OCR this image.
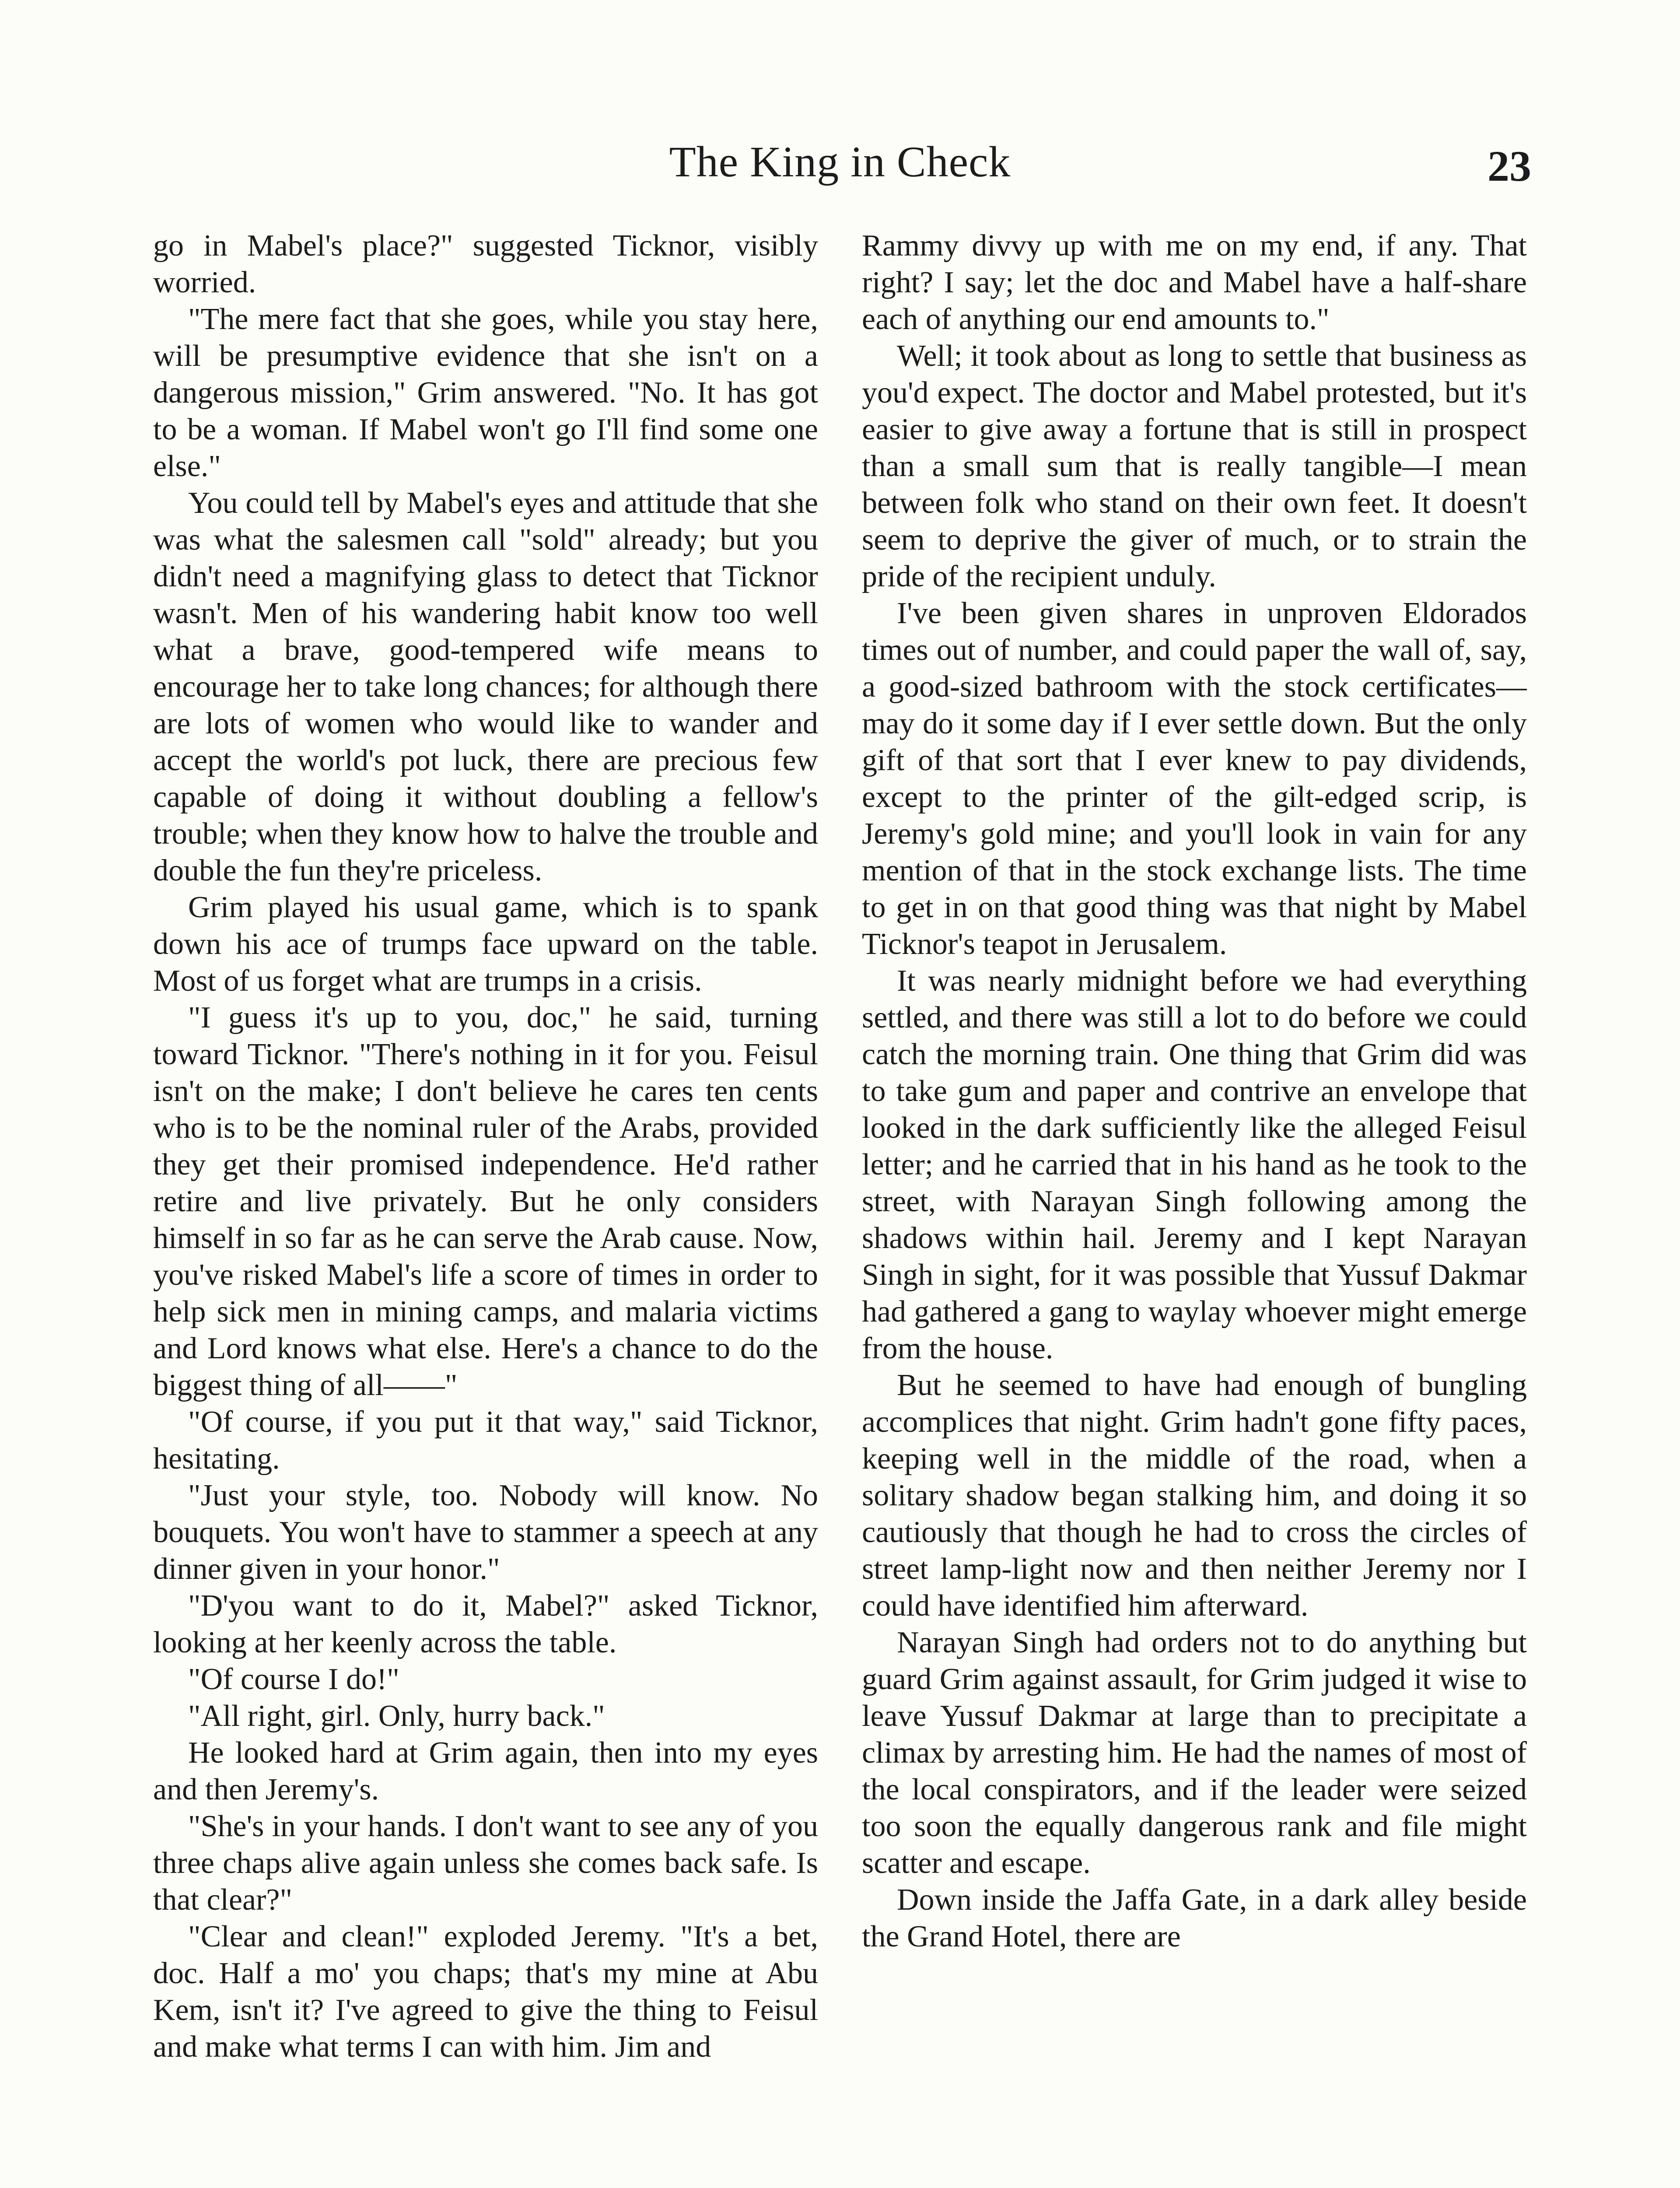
The King in Check	23

go in Mabel's place?" suggested Ticknor, visibly worried.

"The mere fact that she goes, while you stay here, will be presumptive evidence that she isn't on a dangerous mission," Grim answered. "No. It has got to be a woman. If Mabel won't go I'll find some one else."

You could tell by Mabel's eyes and attitude that she was what the salesmen call "sold" already; but you didn't need a magnifying glass to detect that Ticknor wasn't. Men of his wandering habit know too well what a brave, good-tempered wife means to encourage her to take long chances; for although there are lots of women who would like to wander and accept the world's pot luck, there are precious few capable of doing it without doubling a fellow's trouble; when they know how to halve the trouble and double the fun they're priceless.

Grim played his usual game, which is to spank down his ace of trumps face upward on the table. Most of us forget what are trumps in a crisis.

"I guess it's up to you, doc," he said, turning toward Ticknor. "There's nothing in it for you. Feisul isn't on the make; I don't believe he cares ten cents who is to be the nominal ruler of the Arabs, provided they get their promised independence. He'd rather retire and live privately. But he only considers himself in so far as he can serve the Arab cause. Now, you've risked Mabel's life a score of times in order to help sick men in mining camps, and malaria victims and Lord knows what else. Here's a chance to do the biggest thing of all——"

"Of course, if you put it that way," said Ticknor, hesitating.

"Just your style, too. Nobody will know. No bouquets. You won't have to stammer a speech at any dinner given in your honor."

"D'you want to do it, Mabel?" asked Ticknor, looking at her keenly across the table.

"Of course I do!"

"All right, girl. Only, hurry back."

He looked hard at Grim again, then into my eyes and then Jeremy's.

"She's in your hands. I don't want to see any of you three chaps alive again unless she comes back safe. Is that clear?"

"Clear and clean!" exploded Jeremy. "It's a bet, doc. Half a mo' you chaps; that's my mine at Abu Kem, isn't it? I've agreed to give the thing to Feisul and make what terms I can with him. Jim and

Rammy divvy up with me on my end, if any. That right? I say; let the doc and Mabel have a half-share each of anything our end amounts to."

Well; it took about as long to settle that business as you'd expect. The doctor and Mabel protested, but it's easier to give away a fortune that is still in prospect than a small sum that is really tangible—I mean between folk who stand on their own feet. It doesn't seem to deprive the giver of much, or to strain the pride of the recipient unduly.

I've been given shares in unproven Eldorados times out of number, and could paper the wall of, say, a good-sized bathroom with the stock certificates—may do it some day if I ever settle down. But the only gift of that sort that I ever knew to pay dividends, except to the printer of the gilt-edged scrip, is Jeremy's gold mine; and you'll look in vain for any mention of that in the stock exchange lists. The time to get in on that good thing was that night by Mabel Ticknor's teapot in Jerusalem.

It was nearly midnight before we had everything settled, and there was still a lot to do before we could catch the morning train. One thing that Grim did was to take gum and paper and contrive an envelope that looked in the dark sufficiently like the alleged Feisul letter; and he carried that in his hand as he took to the street, with Narayan Singh following among the shadows within hail. Jeremy and I kept Narayan Singh in sight, for it was possible that Yussuf Dakmar had gathered a gang to waylay whoever might emerge from the house.

But he seemed to have had enough of bungling accomplices that night. Grim hadn't gone fifty paces, keeping well in the middle of the road, when a solitary shadow began stalking him, and doing it so cautiously that though he had to cross the circles of street lamp-light now and then neither Jeremy nor I could have identified him afterward.

Narayan Singh had orders not to do anything but guard Grim against assault, for Grim judged it wise to leave Yussuf Dakmar at large than to precipitate a climax by arresting him. He had the names of most of the local conspirators, and if the leader were seized too soon the equally dangerous rank and file might scatter and escape.

Down inside the Jaffa Gate, in a dark alley beside the Grand Hotel, there are
